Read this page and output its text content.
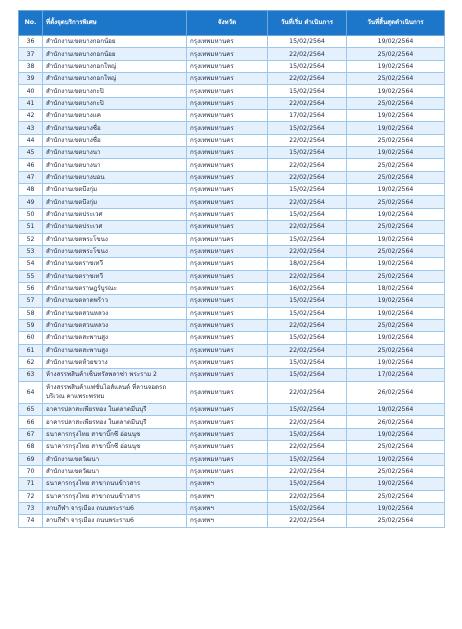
No.	ที่ตั้งจุดบริการพิเศษ	จังหวัด	วันที่เริ่ม ดำเนินการ	วันที่สิ้นสุดดำเนินการ
36	สำนักงานเขตบางกอกน้อย	กรุงเทพมหานคร	15/02/2564	19/02/2564
37	สำนักงานเขตบางกอกน้อย	กรุงเทพมหานคร	22/02/2564	25/02/2564
38	สำนักงานเขตบางกอกใหญ่	กรุงเทพมหานคร	15/02/2564	19/02/2564
39	สำนักงานเขตบางกอกใหญ่	กรุงเทพมหานคร	22/02/2564	25/02/2564
40	สำนักงานเขตบางกะปิ	กรุงเทพมหานคร	15/02/2564	19/02/2564
41	สำนักงานเขตบางกะปิ	กรุงเทพมหานคร	22/02/2564	25/02/2564
42	สำนักงานเขตบางแค	กรุงเทพมหานคร	17/02/2564	19/02/2564
43	สำนักงานเขตบางซื่อ	กรุงเทพมหานคร	15/02/2564	19/02/2564
44	สำนักงานเขตบางซื่อ	กรุงเทพมหานคร	22/02/2564	25/02/2564
45	สำนักงานเขตบางนา	กรุงเทพมหานคร	15/02/2564	19/02/2564
46	สำนักงานเขตบางนา	กรุงเทพมหานคร	22/02/2564	25/02/2564
47	สำนักงานเขตบางบอน	กรุงเทพมหานคร	22/02/2564	25/02/2564
48	สำนักงานเขตบึงกุ่ม	กรุงเทพมหานคร	15/02/2564	19/02/2564
49	สำนักงานเขตบึงกุ่ม	กรุงเทพมหานคร	22/02/2564	25/02/2564
50	สำนักงานเขตประเวศ	กรุงเทพมหานคร	15/02/2564	19/02/2564
51	สำนักงานเขตประเวศ	กรุงเทพมหานคร	22/02/2564	25/02/2564
52	สำนักงานเขตพระโขนง	กรุงเทพมหานคร	15/02/2564	19/02/2564
53	สำนักงานเขตพระโขนง	กรุงเทพมหานคร	22/02/2564	25/02/2564
54	สำนักงานเขตราชเทวี	กรุงเทพมหานคร	18/02/2564	19/02/2564
55	สำนักงานเขตราชเทวี	กรุงเทพมหานคร	22/02/2564	25/02/2564
56	สำนักงานเขตราษฎร์บูรณะ	กรุงเทพมหานคร	16/02/2564	18/02/2564
57	สำนักงานเขตลาดพร้าว	กรุงเทพมหานคร	15/02/2564	19/02/2564
58	สำนักงานเขตสวนหลวง	กรุงเทพมหานคร	15/02/2564	19/02/2564
59	สำนักงานเขตสวนหลวง	กรุงเทพมหานคร	22/02/2564	25/02/2564
60	สำนักงานเขตสะพานสูง	กรุงเทพมหานคร	15/02/2564	19/02/2564
61	สำนักงานเขตสะพานสูง	กรุงเทพมหานคร	22/02/2564	25/02/2564
62	สำนักงานเขตห้วยขวาง	กรุงเทพมหานคร	15/02/2564	19/02/2564
63	ห้างสรรพสินค้าเซ็นทรัลพลาซ่า พระราม 2	กรุงเทพมหานคร	15/02/2564	17/02/2564
64	ห้างสรรพสินค้าแฟชั่นไอส์แลนด์ ที่ลานจอดรถบริเวณ คาแพระพรหม	กรุงเทพมหานคร	22/02/2564	26/02/2564
65	อาคารปลาสะเพียรทอง ในตลาดมีนบุรี	กรุงเทพมหานคร	15/02/2564	19/02/2564
66	อาคารปลาสะเพียรทอง ในตลาดมีนบุรี	กรุงเทพมหานคร	22/02/2564	26/02/2564
67	ธนาคารกรุงไทย สาขาบิ๊กซี อ่อนนุช	กรุงเทพมหานคร	15/02/2564	19/02/2564
68	ธนาคารกรุงไทย สาขาบิ๊กซี อ่อนนุช	กรุงเทพมหานคร	22/02/2564	25/02/2564
69	สำนักงานเขตวัฒนา	กรุงเทพมหานคร	15/02/2564	19/02/2564
70	สำนักงานเขตวัฒนา	กรุงเทพมหานคร	22/02/2564	25/02/2564
71	ธนาคารกรุงไทย สาขาถนนข้าวสาร	กรุงเทพฯ	15/02/2564	19/02/2564
72	ธนาคารกรุงไทย สาขาถนนข้าวสาร	กรุงเทพฯ	22/02/2564	25/02/2564
73	ลานกีฬา จารุเมือง ถนนพระราม6	กรุงเทพฯ	15/02/2564	19/02/2564
74	ลานกีฬา จารุเมือง ถนนพระราม6	กรุงเทพฯ	22/02/2564	25/02/2564
